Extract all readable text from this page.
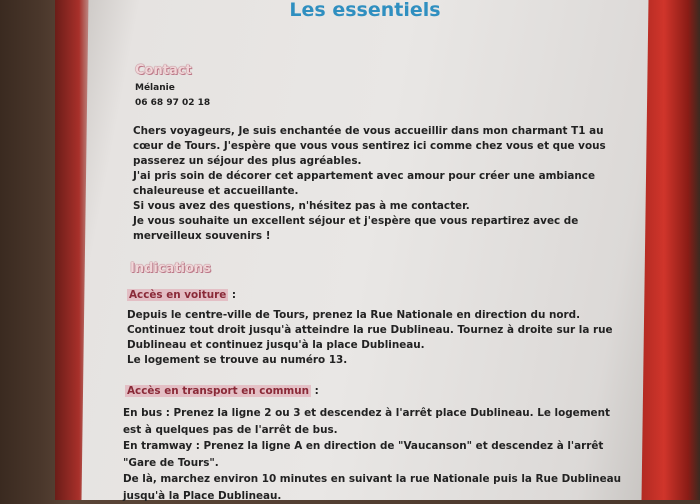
Les essentiels
Contact
Mélanie
06 68 97 02 18
Chers voyageurs, Je suis enchantée de vous accueillir dans mon charmant T1 au
cœur de Tours. J'espère que vous vous sentirez ici comme chez vous et que vous
passerez un séjour des plus agréables.
J'ai pris soin de décorer cet appartement avec amour pour créer une ambiance
chaleureuse et accueillante.
Si vous avez des questions, n'hésitez pas à me contacter.
Je vous souhaite un excellent séjour et j'espère que vous repartirez avec de
merveilleux souvenirs !
Indications
Accès en voiture :
Depuis le centre-ville de Tours, prenez la Rue Nationale en direction du nord.
Continuez tout droit jusqu'à atteindre la rue Dublineau. Tournez à droite sur la rue
Dublineau et continuez jusqu'à la place Dublineau.
Le logement se trouve au numéro 13.
Accès en transport en commun :
En bus : Prenez la ligne 2 ou 3 et descendez à l'arrêt place Dublineau. Le logement
est à quelques pas de l'arrêt de bus.
En tramway : Prenez la ligne A en direction de "Vaucanson" et descendez à l'arrêt
"Gare de Tours".
De là, marchez environ 10 minutes en suivant la rue Nationale puis la Rue Dublineau
jusqu'à la Place Dublineau.
